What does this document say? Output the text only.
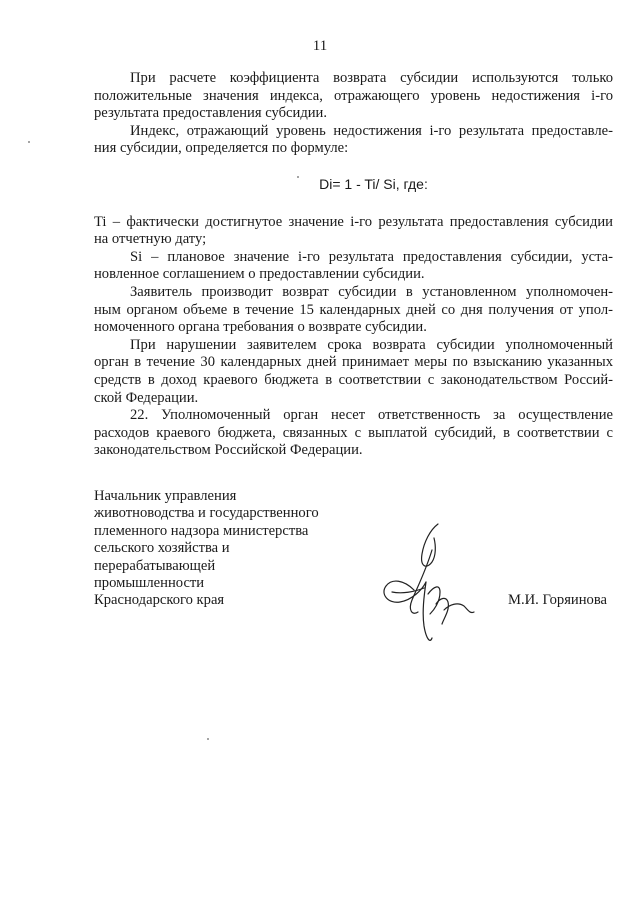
11
При расчете коэффициента возврата субсидии используются только
положительные значения индекса, отражающего уровень недостижения i-го
результата предоставления субсидии.
Индекс, отражающий уровень недостижения i-го результата предоставле-
ния субсидии, определяется по формуле:
Di= 1 - Ti/ Si, где:
Ti – фактически достигнутое значение i-го результата предоставления субсидии
на отчетную дату;
Si – плановое значение i-го результата предоставления субсидии, уста-
новленное соглашением о предоставлении субсидии.
Заявитель производит возврат субсидии в установленном уполномочен-
ным органом объеме в течение 15 календарных дней со дня получения от упол-
номоченного органа требования о возврате субсидии.
При нарушении заявителем срока возврата субсидии уполномоченный
орган в течение 30 календарных дней принимает меры по взысканию указанных
средств в доход краевого бюджета в соответствии с законодательством Россий-
ской Федерации.
22. Уполномоченный орган несет ответственность за осуществление
расходов краевого бюджета, связанных с выплатой субсидий, в соответствии с
законодательством Российской Федерации.
Начальник управления
животноводства и государственного
племенного надзора министерства
сельского хозяйства и
перерабатывающей
промышленности
Краснодарского края	М.И. Горяинова
